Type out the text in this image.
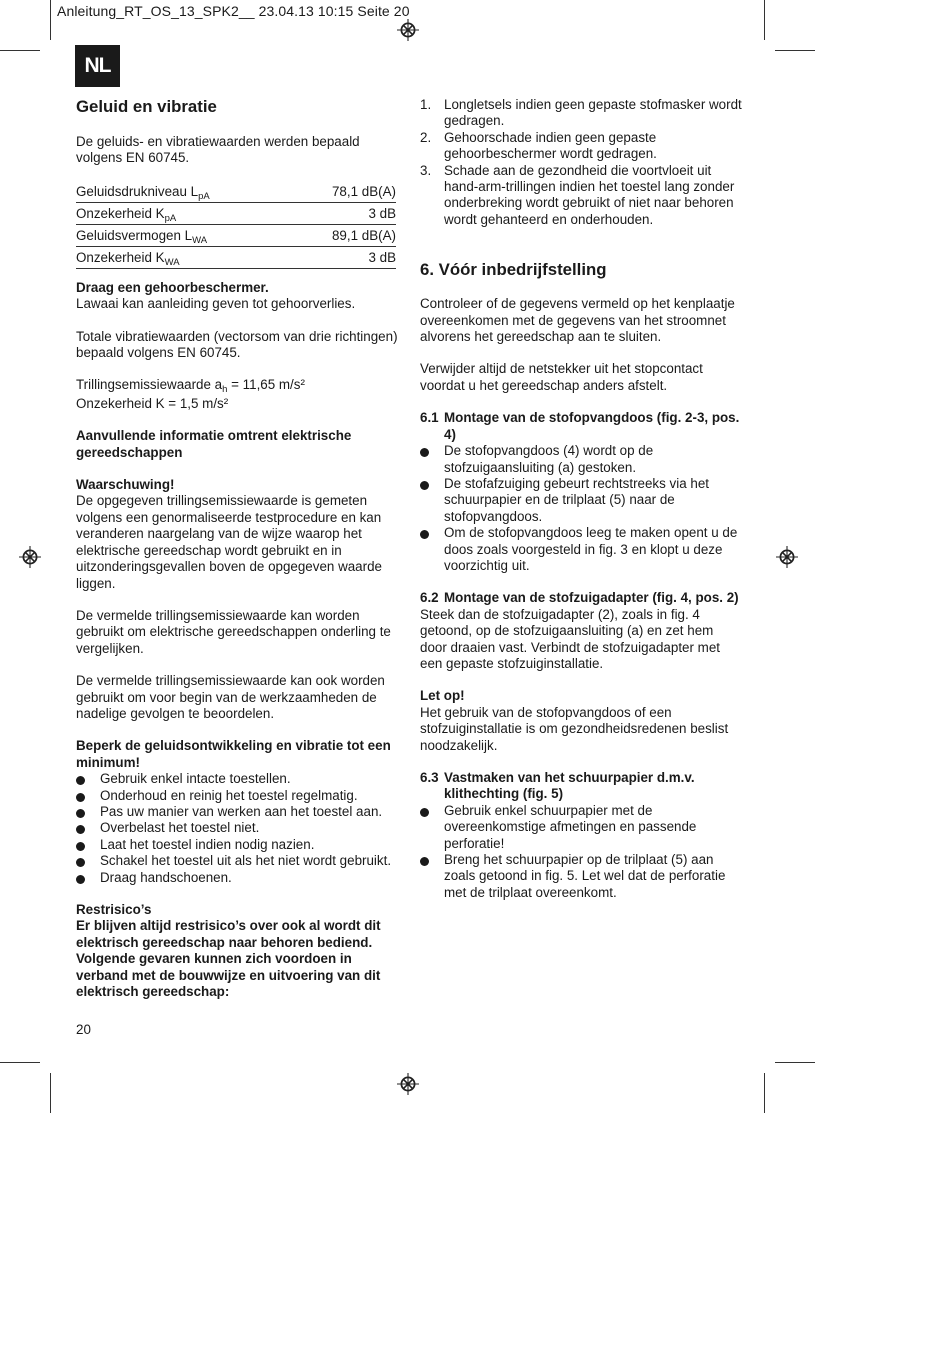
Anleitung_RT_OS_13_SPK2__ 23.04.13 10:15 Seite 20
NL
Geluid en vibratie

De geluids- en vibratiewaarden werden bepaald volgens EN 60745.

Geluidsdrukniveau $L_{pA}$	78,1 dB(A)
Onzekerheid $K_{pA}$	3 dB
Geluidsvermogen $L_{WA}$	89,1 dB(A)
Onzekerheid $K_{WA}$	3 dB

Draag een gehoorbeschermer.

Lawaai kan aanleiding geven tot gehoorverlies.

Totale vibratiewaarden (vectorsom van drie richtingen) bepaald volgens EN 60745.

Trillingsemissiewaarde $a_h = 11,65$ m/s²

Onzekerheid K = 1,5 m/s²

Aanvullende informatie omtrent elektrische gereedschappen

Waarschuwing!

De opgegeven trillingsemissiewaarde is gemeten volgens een genormaliseerde testprocedure en kan veranderen naargelang van de wijze waarop het elektrische gereedschap wordt gebruikt en in uitzonderingsgevallen boven de opgegeven waarde liggen.

De vermelde trillingsemissiewaarde kan worden gebruikt om elektrische gereedschappen onderling te vergelijken.

De vermelde trillingsemissiewaarde kan ook worden gebruikt om voor begin van de werkzaamheden de nadelige gevolgen te beoordelen.

Beperk de geluidsontwikkeling en vibratie tot een minimum!

Gebruik enkel intacte toestellen.
Onderhoud en reinig het toestel regelmatig.
Pas uw manier van werken aan het toestel aan.
Overbelast het toestel niet.
Laat het toestel indien nodig nazien.
Schakel het toestel uit als het niet wordt gebruikt.
Draag handschoenen.

Restrisico’s

Er blijven altijd restrisico’s over ook al wordt dit elektrisch gereedschap naar behoren bediend. Volgende gevaren kunnen zich voordoen in verband met de bouwwijze en uitvoering van dit elektrisch gereedschap:

1. Longletsels indien geen gepaste stofmasker wordt gedragen.
2. Gehoorschade indien geen gepaste gehoorbeschermer wordt gedragen.
3. Schade aan de gezondheid die voortvloeit uit hand-arm-trillingen indien het toestel lang zonder onderbreking wordt gebruikt of niet naar behoren wordt gehanteerd en onderhouden.
6. Vóór inbedrijfstelling

Controleer of de gegevens vermeld op het kenplaatje overeenkomen met de gegevens van het stroomnet alvorens het gereedschap aan te sluiten.

Verwijder altijd de netstekker uit het stopcontact voordat u het gereedschap anders afstelt.

6.1 Montage van de stofopvangdoos (fig. 2-3, pos. 4)
De stofopvangdoos (4) wordt op de stofzuigaansluiting (a) gestoken.
De stofafzuiging gebeurt rechtstreeks via het schuurpapier en de trilplaat (5) naar de stofopvangdoos.
Om de stofopvangdoos leeg te maken opent u de doos zoals voorgesteld in fig. 3 en klopt u deze voorzichtig uit.
6.2 Montage van de stofzuigadapter (fig. 4, pos. 2)

Steek dan de stofzuigadapter (2), zoals in fig. 4 getoond, op de stofzuigaansluiting (a) en zet hem door draaien vast. Verbindt de stofzuigadapter met een gepaste stofzuiginstallatie.

Let op!

Het gebruik van de stofopvangdoos of een stofzuiginstallatie is om gezondheidsredenen beslist noodzakelijk.

6.3 Vastmaken van het schuurpapier d.m.v. klithechting (fig. 5)
Gebruik enkel schuurpapier met de overeenkomstige afmetingen en passende perforatie!
Breng het schuurpapier op de trilplaat (5) aan zoals getoond in fig. 5. Let wel dat de perforatie met de trilplaat overeenkomt.
20
